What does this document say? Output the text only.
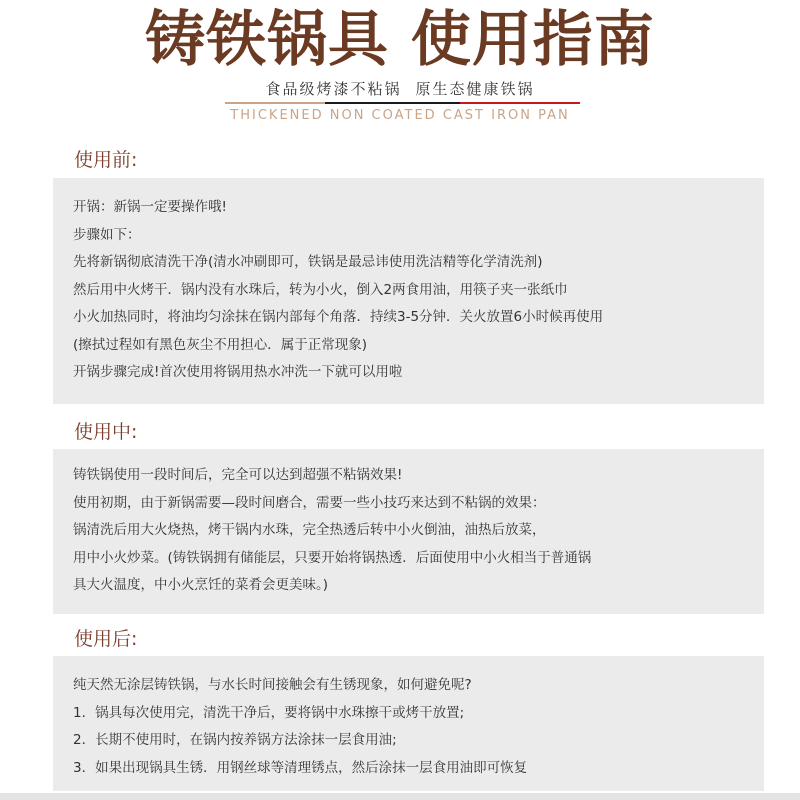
铸铁锅具 使用指南
食品级烤漆不粘锅 原生态健康铁锅
THICKENED NON COATED CAST IRON PAN
使用前:
开锅：新锅一定要操作哦!
步骤如下：
先将新锅彻底清洗干净(清水冲刷即可，铁锅是最忌讳使用洗洁精等化学清洗剂)
然后用中火烤干．锅内没有水珠后，转为小火，倒入2两食用油，用筷子夹一张纸巾
小火加热同时，将油均匀涂抹在锅内部每个角落．持续3-5分钟．关火放置6小时候再使用
(擦拭过程如有黑色灰尘不用担心．属于正常现象)
开锅步骤完成!首次使用将锅用热水冲洗一下就可以用啦
使用中:
铸铁锅使用一段时间后，完全可以达到超强不粘锅效果!
使用初期，由于新锅需要—段时间磨合，需要一些小技巧来达到不粘锅的效果：
锅清洗后用大火烧热，烤干锅内水珠，完全热透后转中小火倒油，油热后放菜，
用中小火炒菜。(铸铁锅拥有储能层，只要开始将锅热透．后面使用中小火相当于普通锅
具大火温度，中小火烹饪的菜肴会更美味。)
使用后:
纯天然无涂层铸铁锅，与水长时间接触会有生锈现象，如何避免呢?
1．锅具每次使用完，清洗干净后，要将锅中水珠擦干或烤干放置;
2．长期不使用时，在锅内按养锅方法涂抹一层食用油;
3．如果出现锅具生锈．用钢丝球等清理锈点，然后涂抹一层食用油即可恢复
